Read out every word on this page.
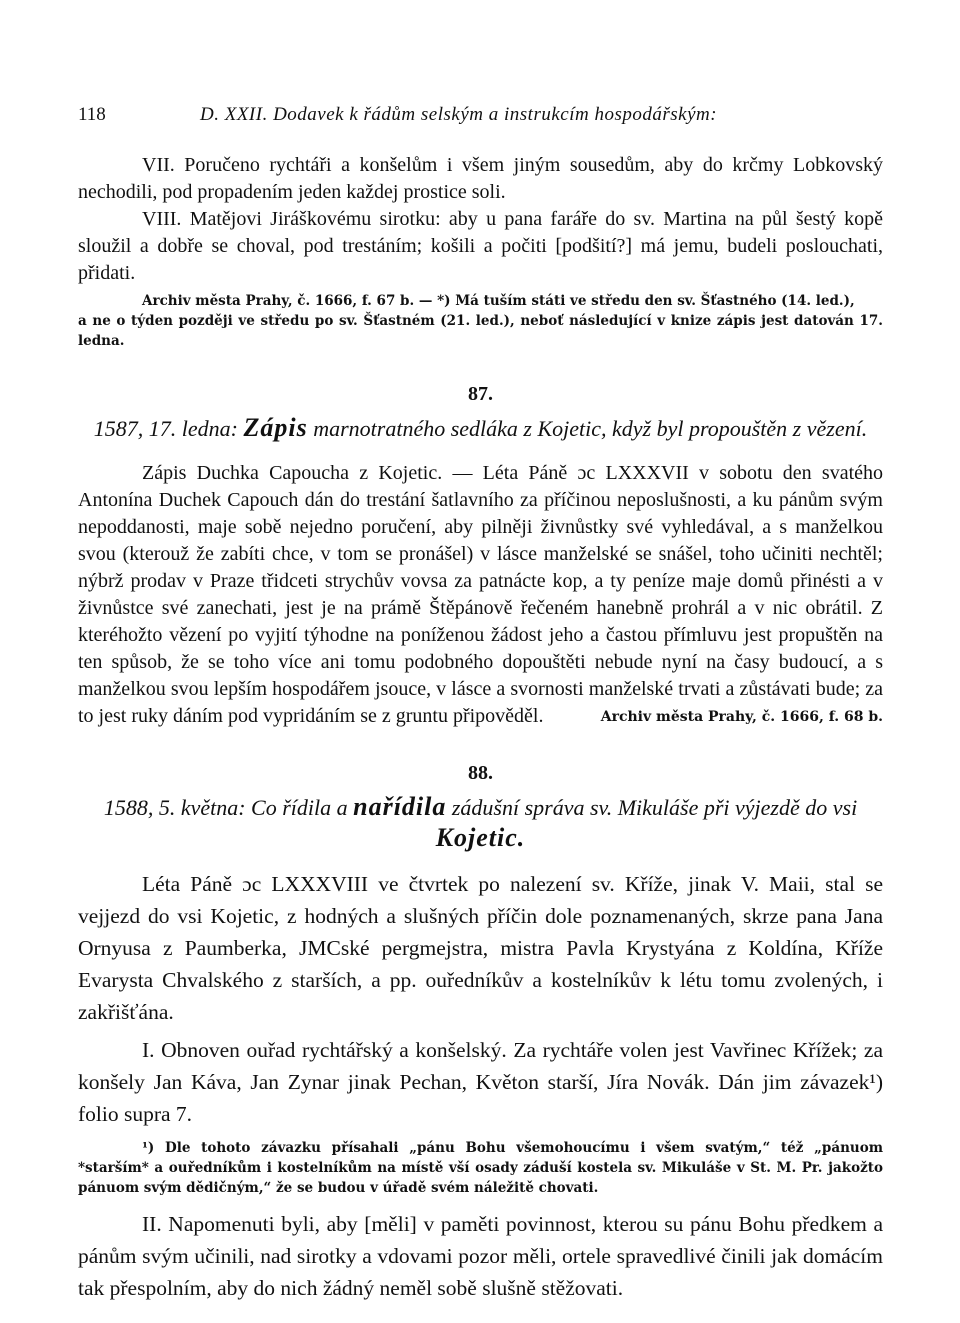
118	D. XXII. Dodavek k řádům selským a instrukcím hospodářským:

VII. Poručeno rychtáři a konšelům i všem jiným sousedům, aby do krčmy Lobkovský nechodili, pod propadením jeden každej prostice soli.

VIII. Matějovi Jiráškovému sirotku: aby u pana faráře do sv. Martina na půl šestý kopě sloužil a dobře se choval, pod trestáním; košili a počiti [podšití?] má jemu, budeli poslouchati, přidati.

Archiv města Prahy, č. 1666, f. 67 b. — *) Má tuším státi ve středu den sv. Šťastného (14. led.),
a ne o týden později ve středu po sv. Šťastném (21. led.), neboť následující v knize zápis jest datován 17. ledna.
87.
1587, 17. ledna: Zápis marnotratného sedláka z Kojetic, když byl propouštěn z vězení.

Zápis Duchka Capoucha z Kojetic. — Léta Páně ɔc LXXXVII v sobotu den svatého Antonína Duchek Capouch dán do trestání šatlavního za příčinou neposlušnosti, a ku pánům svým nepoddanosti, maje sobě nejedno poručení, aby pilněji živnůstky své vyhledával, a s manželkou svou (kterouž že zabíti chce, v tom se pronášel) v lásce manželské se snášel, toho učiniti nechtěl; nýbrž prodav v Praze třidceti strychův vovsa za patnácte kop, a ty peníze maje domů přinésti a v živnůstce své zanechati, jest je na prámě Štěpánově řečeném hanebně prohrál a v nic obrátil. Z kteréhožto vězení po vyjití týhodne na poníženou žádost jeho a častou přímluvu jest propuštěn na ten spůsob, že se toho více ani tomu podobného dopouštěti nebude nyní na časy budoucí, a s manželkou svou lepším hospodářem jsouce, v lásce a svornosti manželské trvati a zůstávati bude; za to jest ruky dáním pod vypridáním se z gruntu připověděl.	Archiv města Prahy, č. 1666, f. 68 b.
88.
1588, 5. května: Co řídila a nařídila zádušní správa sv. Mikuláše při výjezdě do vsi Kojetic.

Léta Páně ɔc LXXXVIII ve čtvrtek po nalezení sv. Kříže, jinak V. Maii, stal se vejjezd do vsi Kojetic, z hodných a slušných příčin dole poznamenaných, skrze pana Jana Ornyusa z Paumberka, JMCské pergmejstra, mistra Pavla Krystyána z Koldína, Kříže Evarysta Chvalského z starších, a pp. ouředníkův a kostelníkův k létu tomu zvolených, i zakřišťána.

I. Obnoven ouřad rychtářský a konšelský. Za rychtáře volen jest Vavřinec Křížek; za konšely Jan Káva, Jan Zynar jinak Pechan, Květon starší, Jíra Novák. Dán jim závazek¹) folio supra 7.

¹) Dle tohoto závazku přísahali „pánu Bohu všemohoucímu i všem svatým,“ též „pánuom *starším* a ouředníkům i kostelníkům na místě vší osady záduší kostela sv. Mikuláše v St. M. Pr. jakožto pánuom svým dědičným,“ že se budou v úřadě svém náležitě chovati.

II. Napomenuti byli, aby [měli] v paměti povinnost, kterou su pánu Bohu předkem a pánům svým učinili, nad sirotky a vdovami pozor měli, ortele spravedlivé činili jak domácím tak přespolním, aby do nich žádný neměl sobě slušně stěžovati.
